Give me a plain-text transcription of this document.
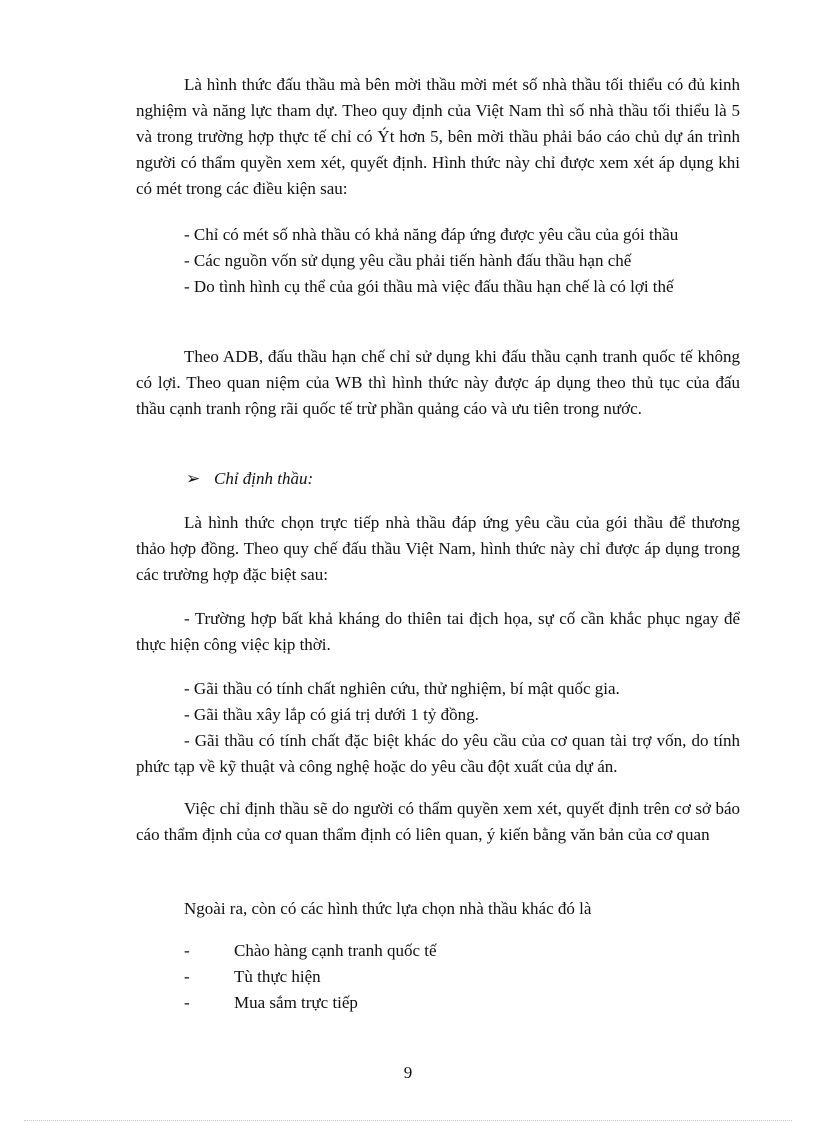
Là hình thức đấu thầu mà bên mời thầu mời mét số nhà thầu tối thiểu có đủ kinh nghiệm và năng lực tham dự. Theo quy định của Việt Nam thì số nhà thầu tối thiểu là 5 và trong trường hợp thực tế chỉ có Ýt hơn 5, bên mời thầu phải báo cáo chủ dự án trình người có thẩm quyền xem xét, quyết định. Hình thức này chỉ được xem xét áp dụng khi có mét trong các điều kiện sau:

- Chỉ có mét số nhà thầu có khả năng đáp ứng được yêu cầu của gói thầu

- Các nguồn vốn sử dụng yêu cầu phải tiến hành đấu thầu hạn chế

- Do tình hình cụ thể của gói thầu mà việc đấu thầu hạn chế là có lợi thế

Theo ADB, đấu thầu hạn chế chỉ sử dụng khi đấu thầu cạnh tranh quốc tế không có lợi. Theo quan niệm của WB thì hình thức này được áp dụng theo thủ tục của đấu thầu cạnh tranh rộng rãi quốc tế trừ phần quảng cáo và ưu tiên trong nước.

➢ Chỉ định thầu:

Là hình thức chọn trực tiếp nhà thầu đáp ứng yêu cầu của gói thầu để thương thảo hợp đồng. Theo quy chế đấu thầu Việt Nam, hình thức này chỉ được áp dụng trong các trường hợp đặc biệt sau:

- Trường hợp bất khả kháng do thiên tai địch họa, sự cố cần khắc phục ngay để thực hiện công việc kịp thời.

- Gãi thầu có tính chất nghiên cứu, thử nghiệm, bí mật quốc gia.

- Gãi thầu xây lắp có giá trị dưới 1 tỷ đồng.

- Gãi thầu có tính chất đặc biệt khác do yêu cầu của cơ quan tài trợ vốn, do tính phức tạp về kỹ thuật và công nghệ hoặc do yêu cầu đột xuất của dự án.

Việc chỉ định thầu sẽ do người có thẩm quyền xem xét, quyết định trên cơ sở báo cáo thẩm định của cơ quan thẩm định có liên quan, ý kiến bằng văn bản của cơ quan

Ngoài ra, còn có các hình thức lựa chọn nhà thầu khác đó là

-	Chào hàng cạnh tranh quốc tế
-	Tù thực hiện
-	Mua sắm trực tiếp
9
